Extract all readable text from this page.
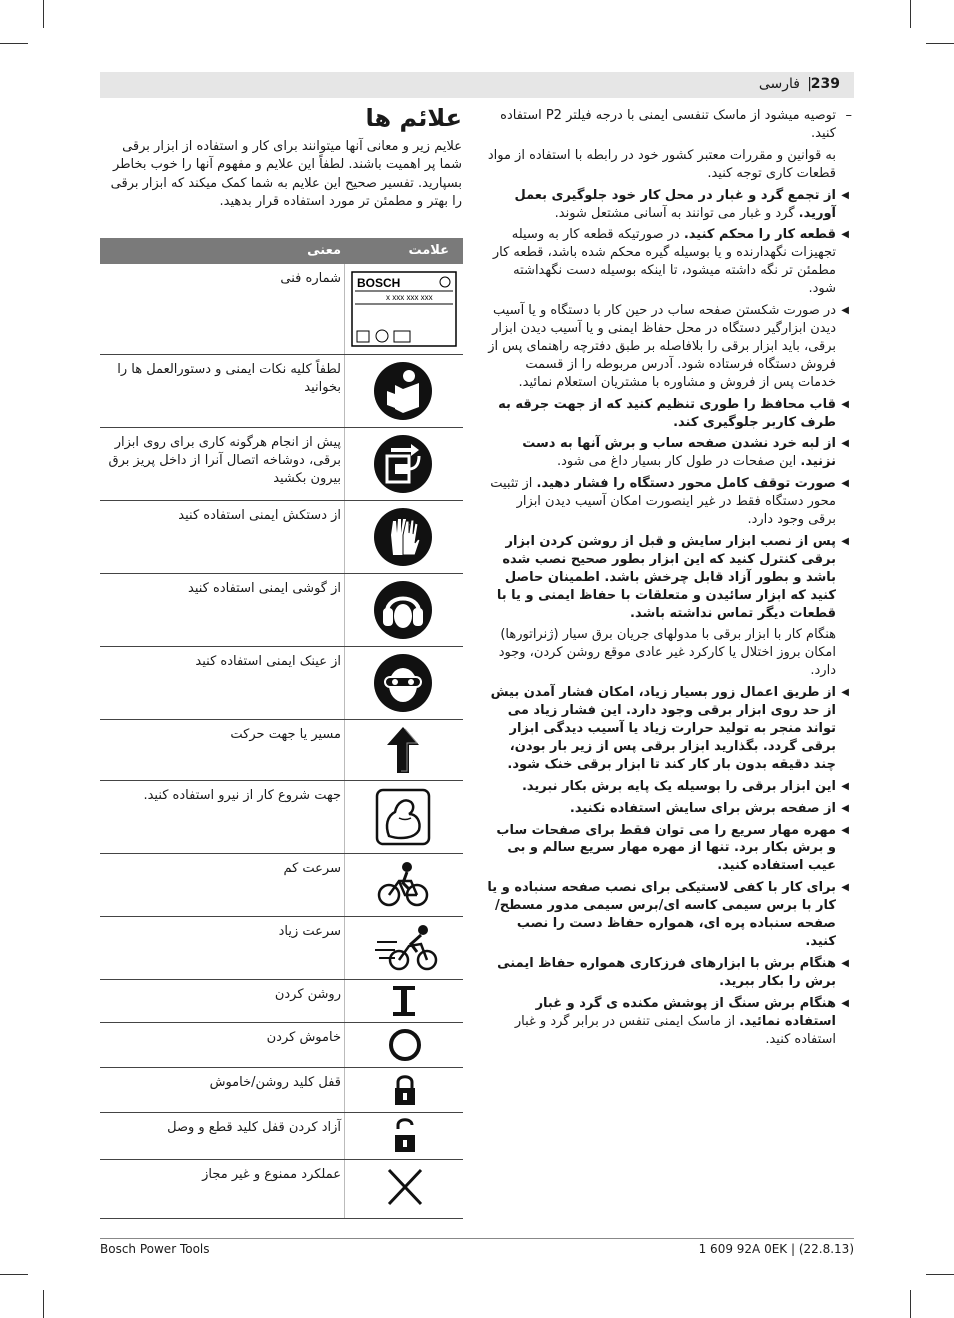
239
|
فارسی

– توصیه میشود از ماسک تنفسی ایمنی با درجه فیلتر P2 استفاده کنید.

به قوانین و مقررات معتبر کشور خود در رابطه با استفاده از مواد قطعات کاری توجه کنید.

◀ از تجمع گرد و غبار در محل کار خود جلوگیری بعمل آورید. گرد و غبار می توانند به آسانی مشتعل شوند.

◀ قطعه کار را محکم کنید. در صورتیکه قطعه کار به وسیله تجهیزات نگهدارنده و یا بوسیله گیره محکم شده باشد، قطعه کار مطمئن تر نگه داشته میشود، تا اینکه بوسیله دست نگهداشته شود.

◀ در صورت شکستن صفحه ساب در حین کار با دستگاه و یا آسیب دیدن ابزارگیر دستگاه در محل حفاظ ایمنی و یا آسیب دیدن ابزار برقی، باید ابزار برقی را بلافاصله بر طبق دفترچه راهنمای پس از فروش دستگاه فرستاده شود. آدرس مربوطه را از قسمت خدمات پس از فروش و مشاوره با مشتریان استعلام نمائید.

◀ قاب محافظ را طوری تنظیم کنید که از جهت جرقه به طرف کاربر جلوگیری کند.

◀ از لبه خرد نشدن صفحه ساب و برش آنها به دست نزنید. این صفحات در طول کار بسیار داغ می شود.

◀ صورت توقف کامل محور دستگاه را فشار دهید. از تثبیت محور دستگاه فقط در غیر اینصورت امکان آسیب دیدن ابزار برقی وجود دارد.

◀ پس از نصب ابزار سایش و قبل از روشن کردن ابزار برقی کنترل کنید که این ابزار بطور صحیح نصب شده باشد و بطور آزاد قابل چرخش باشد. اطمینان حاصل کنید که ابزار سائیدن و متعلقات با حفاظ ایمنی و یا با قطعات دیگر تماس نداشته باشد.

هنگام کار با ابزار برقی با مدولهای جریان برق سیار (ژنراتورها) امکان بروز اختلال یا کارکرد غیر عادی موقع روشن کردن، وجود دارد.

◀ از طریق اعمال زور بسیار زیاد، امکان فشار آمدن بیش از حد روی ابزار برقی وجود دارد. این فشار زیاد می تواند منجر به تولید حرارت زیاد یا آسیب دیدگی ابزار برقی گردد. بگذارید ابزار برقی پس از زیر بار بودن، چند دقیقه بدون بار کار کند تا ابزار برقی خنک شود.

◀ این ابزار برقی را بوسیله یک پایه برش بکار نبرید.

◀ از صفحه برش برای سایش استفاده نکنید.

◀ مهره مهار سریع را می توان فقط برای صفحات ساب و برش بکار برد. تنها از مهره مهار سریع سالم و بی عیب استفاده کنید.

◀ برای کار با کفی لاستیکی برای نصب صفحه سنباده و یا کار با برس سیمی کاسه ای/برس سیمی مدور مسطح/صفحه سنباده پره ای، همواره حفاظ دست را نصب کنید.

◀ هنگام برش با ابزارهای فرزکاری همواره حفاظ ایمنی برش را بکار ببرید.

◀ هنگام برش سنگ از پوشش مکنده ی گرد و غبار استفاده نمائید. از ماسک ایمنی تنفس در برابر گرد و غبار استفاده کنید.

علائم ها
علایم زیر و معانی آنها میتوانند برای کار و استفاده از ابزار برقی شما پر اهمیت باشند. لطفاً این علایم و مفهوم آنها را خوب بخاطر بسپارید. تفسیر صحیح این علایم به شما کمک میکند که ابزار برقی را بهتر و مطمئن تر مورد استفاده قرار بدهید.
علامت
معنی
BOSCH
x xxx xxx xxx
شماره فنی
لطفاً کلیه نکات ایمنی و دستورالعمل ها را بخوانید
پیش از انجام هرگونه کاری برای روی ابزار برقی، دوشاخه اتصال آنرا از داخل پریز برق بیرون بکشید
از دستکش ایمنی استفاده کنید
از گوشی ایمنی استفاده کنید
از عینک ایمنی استفاده کنید
مسیر یا جهت حرکت
جهت شروع کار از نیرو استفاده کنید.
سرعت کم
سرعت زیاد
روشن کردن
خاموش کردن
قفل کلید روشن/خاموش
آزاد کردن قفل کلید قطع و وصل
عملکرد ممنوع و غیر مجاز
Bosch Power Tools	1 609 92A 0EK | (22.8.13)
